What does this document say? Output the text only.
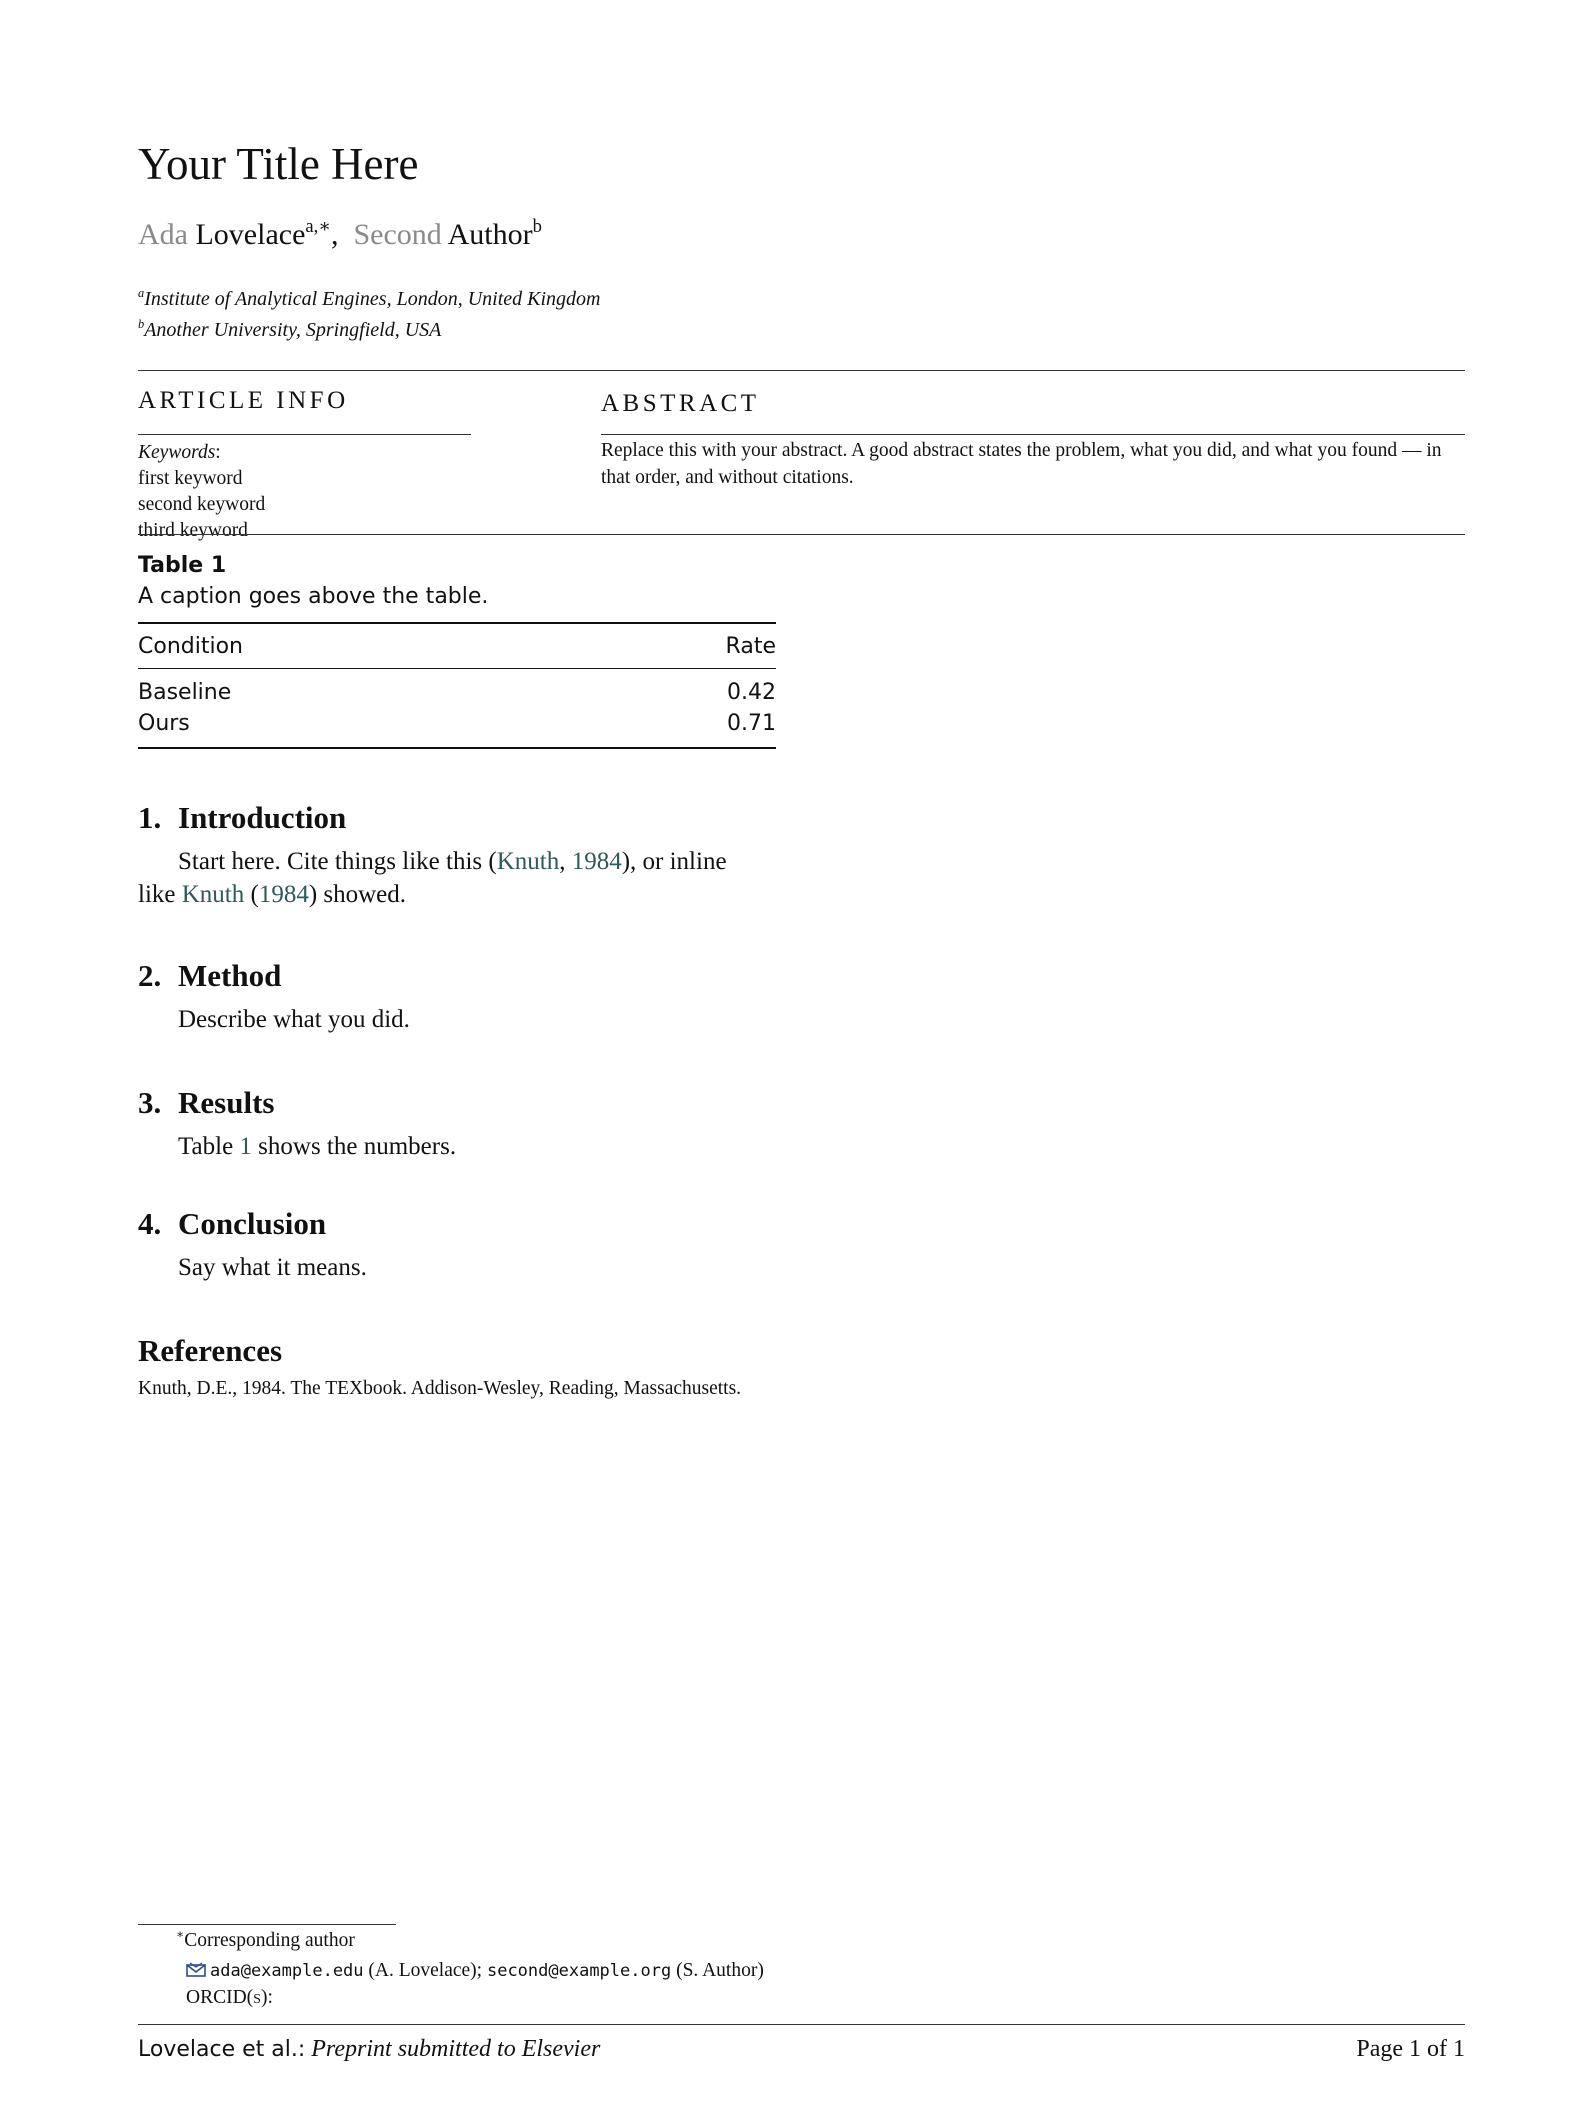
Your Title Here
Ada Lovelace$^{a,∗}$,  Second Author$^b$
$^a$Institute of Analytical Engines, London, United Kingdom
$^b$Another University, Springfield, USA
ARTICLE INFO
Keywords:
first keyword
second keyword
third keyword
ABSTRACT
Replace this with your abstract. A good abstract states the problem, what you did, and what you found — in that order, and without citations.
Table 1
A caption goes above the table.
Condition	Rate
Baseline	0.42
Ours	0.71
1. Introduction
Start here. Cite things like this (Knuth, 1984), or inline
like Knuth (1984) showed.
2. Method
Describe what you did.
3. Results
Table 1 shows the numbers.
4. Conclusion
Say what it means.
References
Knuth, D.E., 1984. The TEXbook. Addison-Wesley, Reading, Massachusetts.
∗Corresponding author
ada@example.edu (A. Lovelace); second@example.org (S. Author)
ORCID(s):
Lovelace et al.: Preprint submitted to Elsevier	Page 1 of 1
